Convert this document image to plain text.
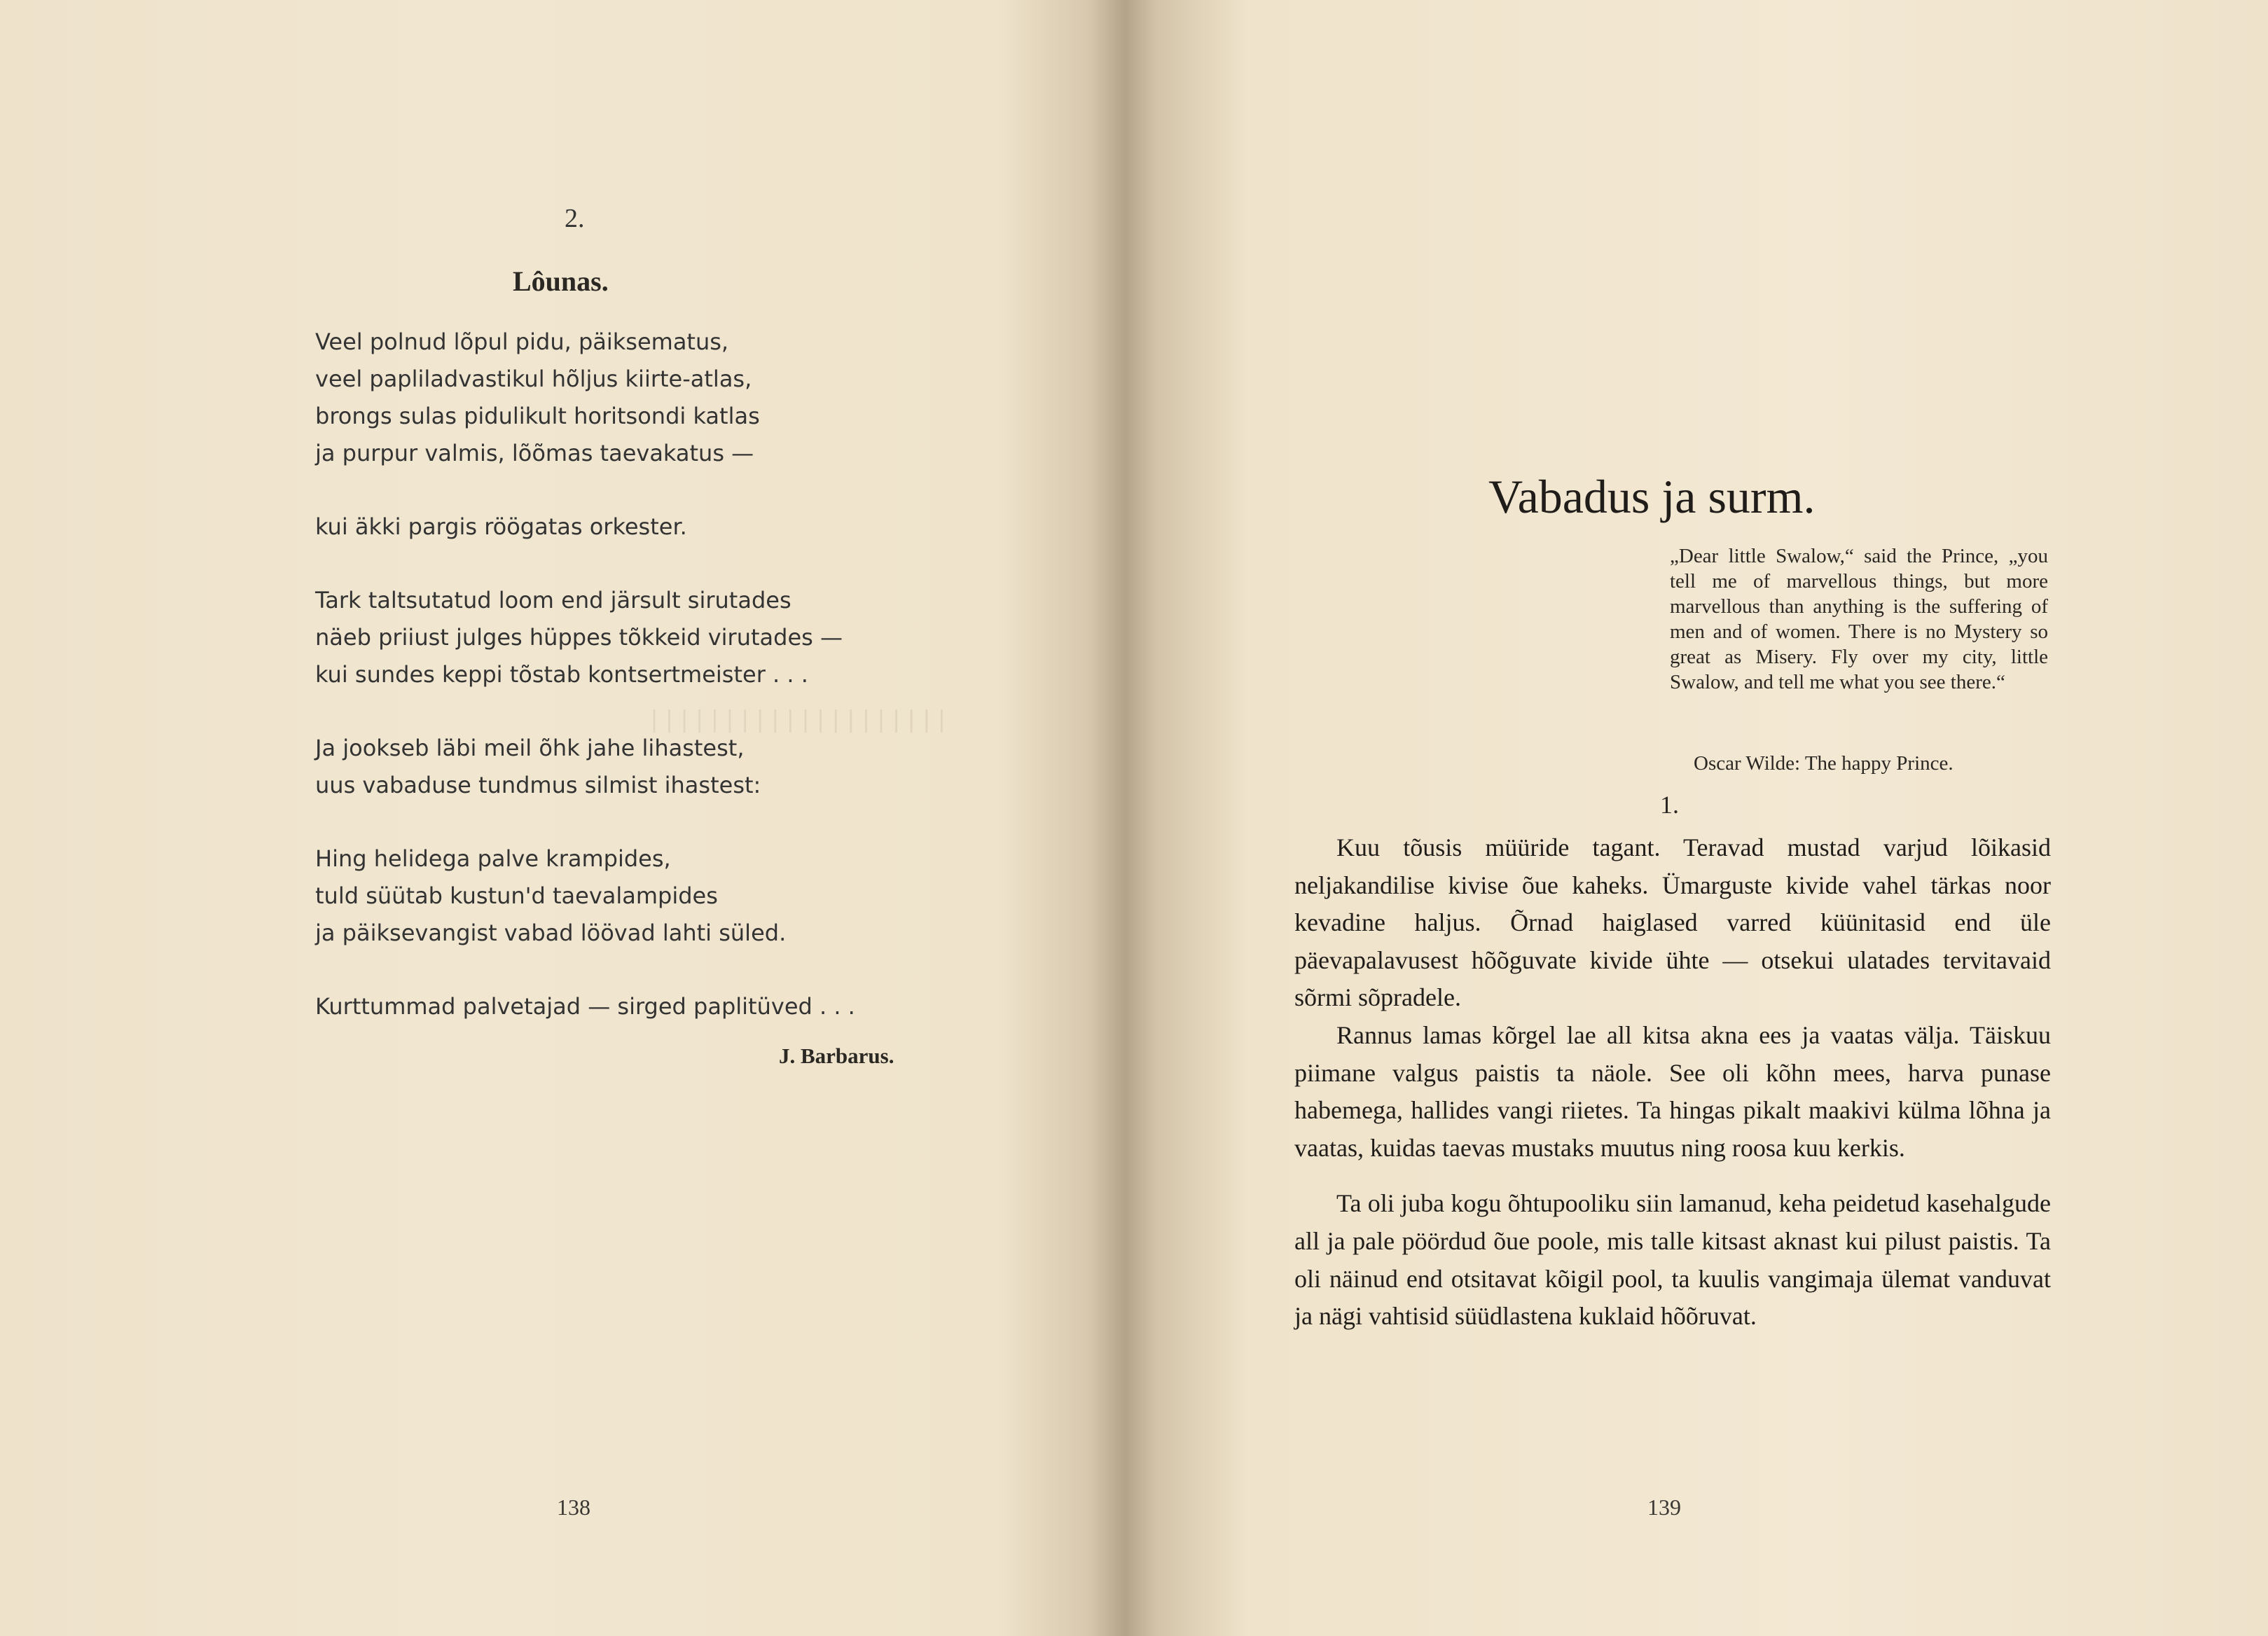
| | | | | | | | | | | | | | | | | | | |
2.
Lôunas.
Veel polnud lõpul pidu, päiksematus,
veel papliladvastikul hõljus kiirte-atlas,
brongs sulas pidulikult horitsondi katlas
ja purpur valmis, lõõmas taevakatus —
kui äkki pargis röögatas orkester.
Tark taltsutatud loom end järsult sirutades
näeb priiust julges hüppes tõkkeid virutades —
kui sundes keppi tõstab kontsertmeister . . .
Ja jookseb läbi meil õhk jahe lihastest,
uus vabaduse tundmus silmist ihastest:
Hing helidega palve krampides,
tuld süütab kustun'd taevalampides
ja päiksevangist vabad löövad lahti süled.
Kurttummad palvetajad — sirged paplitüved . . .
J. Barbarus.
138
Vabadus ja surm.
„Dear little Swalow,“ said the Prince, „you tell me of marvellous things, but more marvellous than anything is the suffering of men and of women. There is no Mystery so great as Misery. Fly over my city, little Swalow, and tell me what you see there.“
Oscar Wilde: The happy Prince.
1.

Kuu tõusis müüride tagant. Teravad mustad varjud lõikasid neljakandilise kivise õue kaheks. Ümarguste kivide vahel tärkas noor kevadine haljus. Õrnad haiglased varred küünitasid end üle päevapalavusest hõõguvate kivide ühte — otsekui ulatades tervitavaid sõrmi sõpradele.

Rannus lamas kõrgel lae all kitsa akna ees ja vaatas välja. Täiskuu piimane valgus paistis ta näole. See oli kõhn mees, harva punase habemega, hallides vangi riietes. Ta hingas pikalt maakivi külma lõhna ja vaatas, kuidas taevas mustaks muutus ning roosa kuu kerkis.

Ta oli juba kogu õhtupooliku siin lamanud, keha peidetud kasehalgude all ja pale pöördud õue poole, mis talle kitsast aknast kui pilust paistis. Ta oli näinud end otsitavat kõigil pool, ta kuulis vangimaja ülemat vanduvat ja nägi vahtisid süüdlastena kuklaid hõõruvat.

139
